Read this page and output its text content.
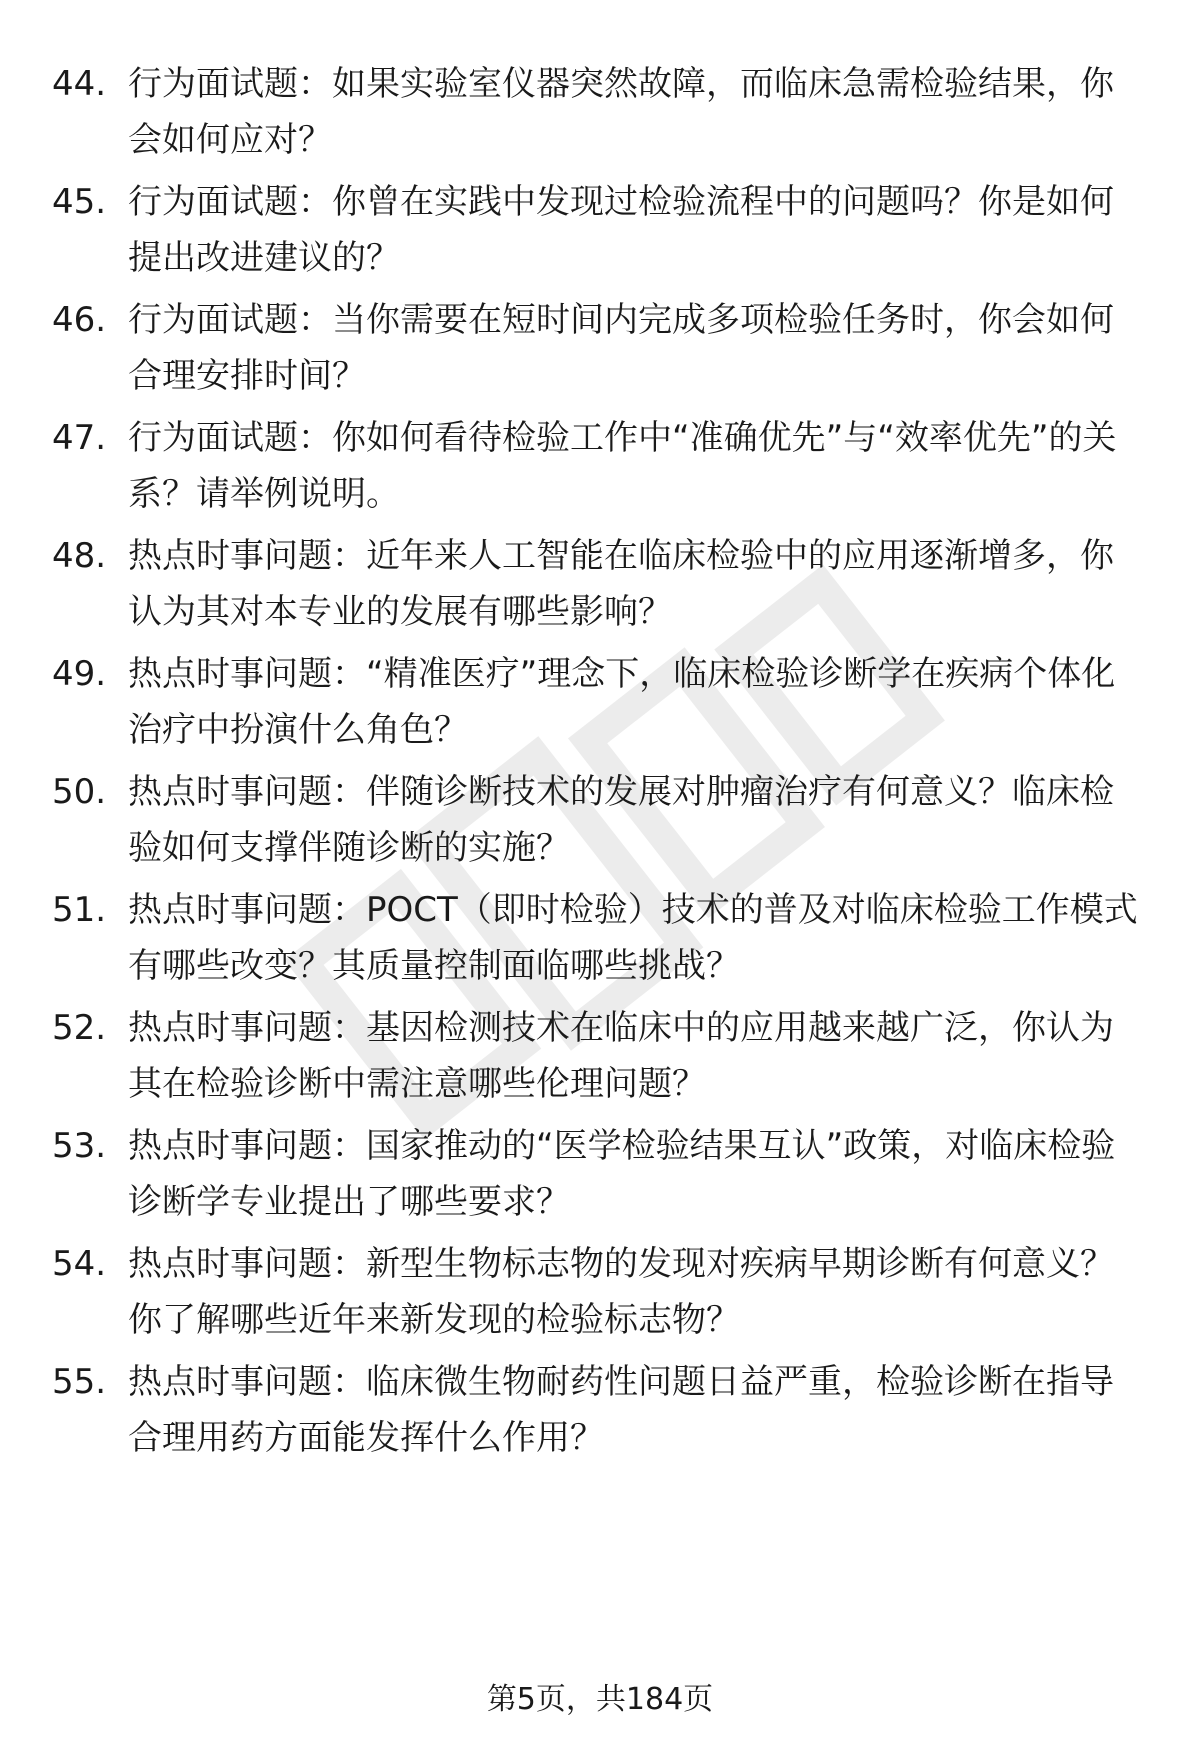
44. 行为面试题：如果实验室仪器突然故障，而临床急需检验结果，你会如何应对？
45. 行为面试题：你曾在实践中发现过检验流程中的问题吗？你是如何提出改进建议的？
46. 行为面试题：当你需要在短时间内完成多项检验任务时，你会如何合理安排时间？
47. 行为面试题：你如何看待检验工作中“准确优先”与“效率优先”的关系？请举例说明。
48. 热点时事问题：近年来人工智能在临床检验中的应用逐渐增多，你认为其对本专业的发展有哪些影响？
49. 热点时事问题：“精准医疗”理念下，临床检验诊断学在疾病个体化治疗中扮演什么角色？
50. 热点时事问题：伴随诊断技术的发展对肿瘤治疗有何意义？临床检验如何支撑伴随诊断的实施？
51. 热点时事问题：POCT（即时检验）技术的普及对临床检验工作模式有哪些改变？其质量控制面临哪些挑战？
52. 热点时事问题：基因检测技术在临床中的应用越来越广泛，你认为其在检验诊断中需注意哪些伦理问题？
53. 热点时事问题：国家推动的“医学检验结果互认”政策，对临床检验诊断学专业提出了哪些要求？
54. 热点时事问题：新型生物标志物的发现对疾病早期诊断有何意义？你了解哪些近年来新发现的检验标志物？
55. 热点时事问题：临床微生物耐药性问题日益严重，检验诊断在指导合理用药方面能发挥什么作用？
第5页，共184页
